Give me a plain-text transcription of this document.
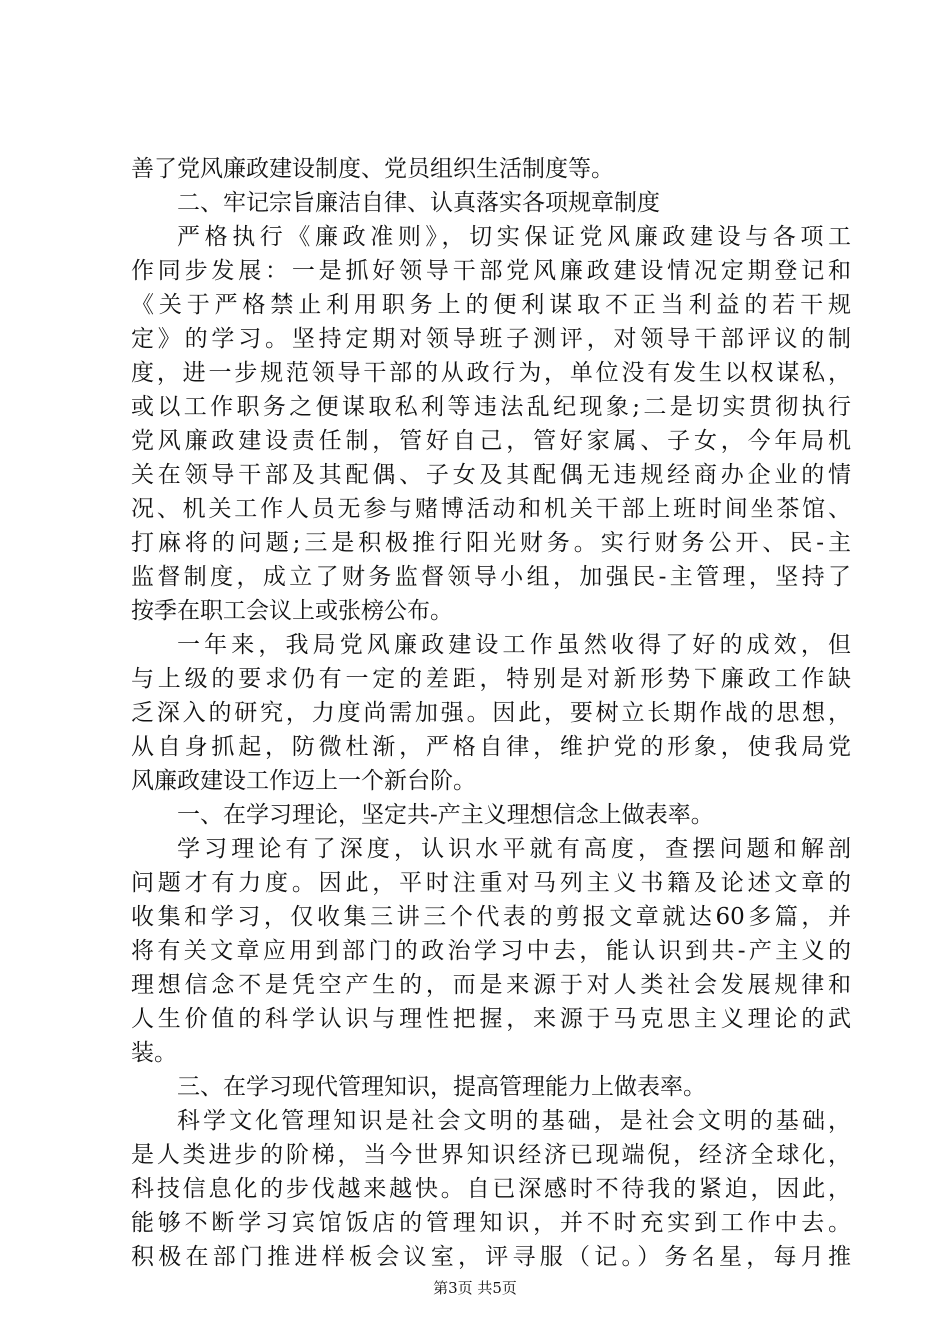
善了党风廉政建设制度、党员组织生活制度等。
二、牢记宗旨廉洁自律、认真落实各项规章制度
严格执行《廉政准则》，切实保证党风廉政建设与各项工
作同步发展：一是抓好领导干部党风廉政建设情况定期登记和
《关于严格禁止利用职务上的便利谋取不正当利益的若干规
定》的学习。坚持定期对领导班子测评，对领导干部评议的制
度，进一步规范领导干部的从政行为，单位没有发生以权谋私，
或以工作职务之便谋取私利等违法乱纪现象;二是切实贯彻执行
党风廉政建设责任制，管好自己，管好家属、子女，今年局机
关在领导干部及其配偶、子女及其配偶无违规经商办企业的情
况、机关工作人员无参与赌博活动和机关干部上班时间坐茶馆、
打麻将的问题;三是积极推行阳光财务。实行财务公开、民-主
监督制度，成立了财务监督领导小组，加强民-主管理，坚持了
按季在职工会议上或张榜公布。
一年来，我局党风廉政建设工作虽然收得了好的成效，但
与上级的要求仍有一定的差距，特别是对新形势下廉政工作缺
乏深入的研究，力度尚需加强。因此，要树立长期作战的思想，
从自身抓起，防微杜渐，严格自律，维护党的形象，使我局党
风廉政建设工作迈上一个新台阶。
一、在学习理论，坚定共-产主义理想信念上做表率。
学习理论有了深度，认识水平就有高度，查摆问题和解剖
问题才有力度。因此，平时注重对马列主义书籍及论述文章的
收集和学习，仅收集三讲三个代表的剪报文章就达60多篇，并
将有关文章应用到部门的政治学习中去，能认识到共-产主义的
理想信念不是凭空产生的，而是来源于对人类社会发展规律和
人生价值的科学认识与理性把握，来源于马克思主义理论的武
装。
三、在学习现代管理知识，提高管理能力上做表率。
科学文化管理知识是社会文明的基础，是社会文明的基础，
是人类进步的阶梯，当今世界知识经济已现端倪，经济全球化，
科技信息化的步伐越来越快。自已深感时不待我的紧迫，因此，
能够不断学习宾馆饭店的管理知识，并不时充实到工作中去。
积极在部门推进样板会议室，评寻服（记。）务名星，每月推
第3页 共5页
